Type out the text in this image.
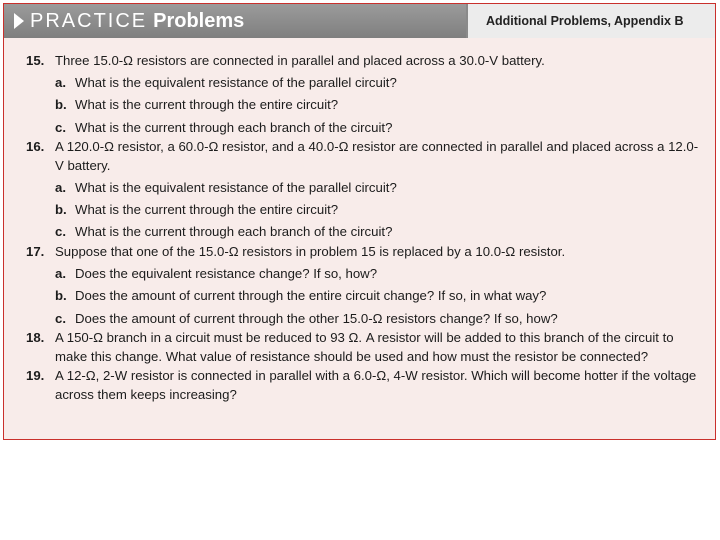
PRACTICE Problems	Additional Problems, Appendix B
15. Three 15.0-Ω resistors are connected in parallel and placed across a 30.0-V battery.
a. What is the equivalent resistance of the parallel circuit?
b. What is the current through the entire circuit?
c. What is the current through each branch of the circuit?
16. A 120.0-Ω resistor, a 60.0-Ω resistor, and a 40.0-Ω resistor are connected in parallel and placed across a 12.0-V battery.
a. What is the equivalent resistance of the parallel circuit?
b. What is the current through the entire circuit?
c. What is the current through each branch of the circuit?
17. Suppose that one of the 15.0-Ω resistors in problem 15 is replaced by a 10.0-Ω resistor.
a. Does the equivalent resistance change? If so, how?
b. Does the amount of current through the entire circuit change? If so, in what way?
c. Does the amount of current through the other 15.0-Ω resistors change? If so, how?
18. A 150-Ω branch in a circuit must be reduced to 93 Ω. A resistor will be added to this branch of the circuit to make this change. What value of resistance should be used and how must the resistor be connected?
19. A 12-Ω, 2-W resistor is connected in parallel with a 6.0-Ω, 4-W resistor. Which will become hotter if the voltage across them keeps increasing?
